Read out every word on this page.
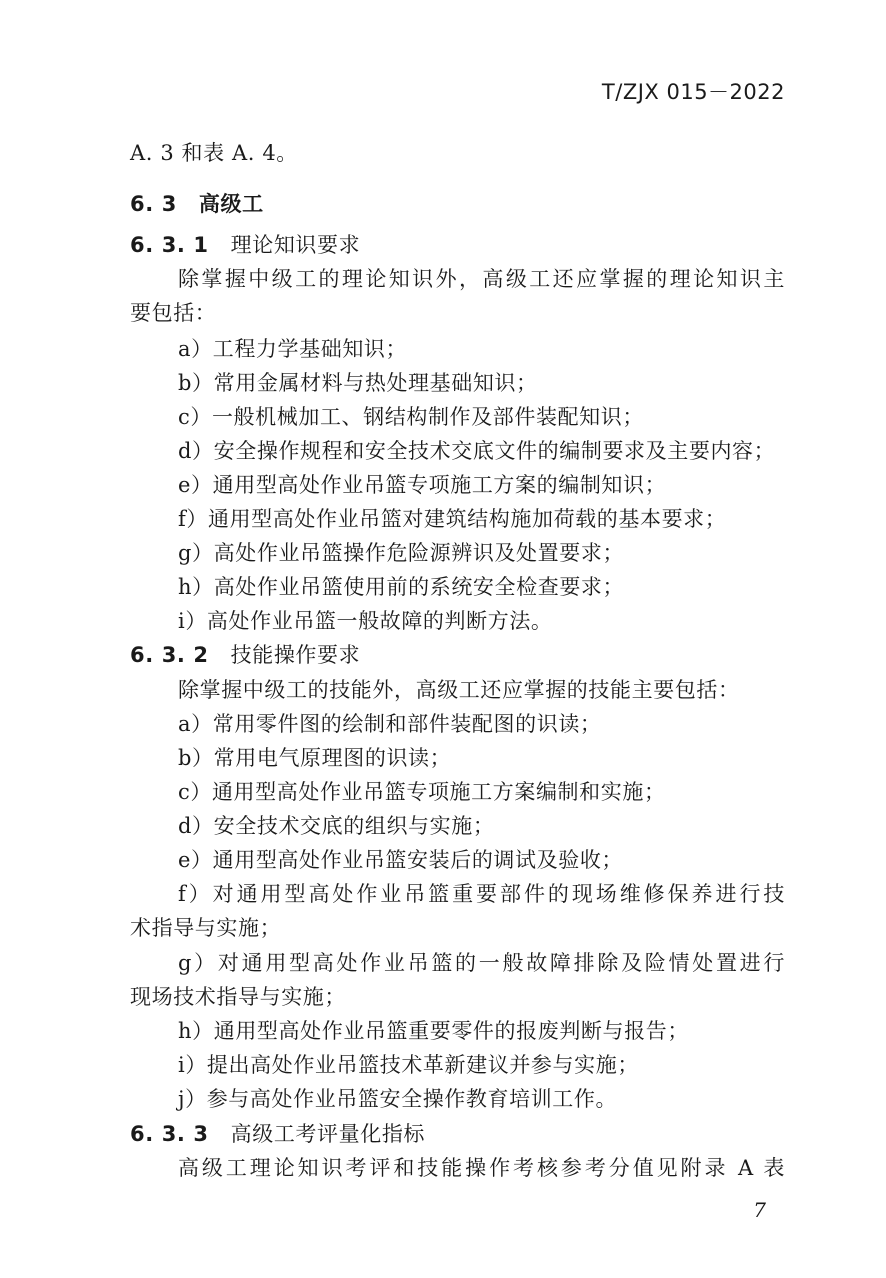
T/ZJX 015－2022
A. 3 和表 A. 4。
6. 3 高级工
6. 3. 1 理论知识要求
除掌握中级工的理论知识外，高级工还应掌握的理论知识主
要包括：
a）工程力学基础知识；
b）常用金属材料与热处理基础知识；
c）一般机械加工、钢结构制作及部件装配知识；
d）安全操作规程和安全技术交底文件的编制要求及主要内容；
e）通用型高处作业吊篮专项施工方案的编制知识；
f）通用型高处作业吊篮对建筑结构施加荷载的基本要求；
g）高处作业吊篮操作危险源辨识及处置要求；
h）高处作业吊篮使用前的系统安全检查要求；
i）高处作业吊篮一般故障的判断方法。
6. 3. 2 技能操作要求
除掌握中级工的技能外，高级工还应掌握的技能主要包括：
a）常用零件图的绘制和部件装配图的识读；
b）常用电气原理图的识读；
c）通用型高处作业吊篮专项施工方案编制和实施；
d）安全技术交底的组织与实施；
e）通用型高处作业吊篮安装后的调试及验收；
f）对通用型高处作业吊篮重要部件的现场维修保养进行技
术指导与实施；
g）对通用型高处作业吊篮的一般故障排除及险情处置进行
现场技术指导与实施；
h）通用型高处作业吊篮重要零件的报废判断与报告；
i）提出高处作业吊篮技术革新建议并参与实施；
j）参与高处作业吊篮安全操作教育培训工作。
6. 3. 3 高级工考评量化指标
高级工理论知识考评和技能操作考核参考分值见附录 A 表
7
